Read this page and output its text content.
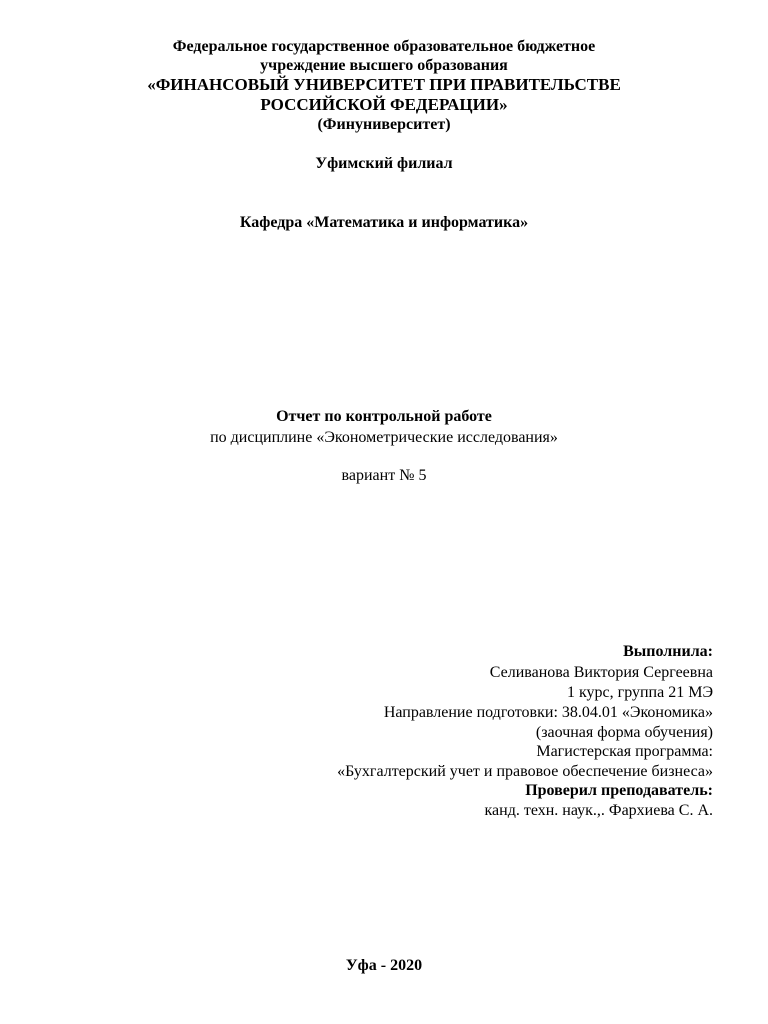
Федеральное государственное образовательное бюджетное
учреждение высшего образования
«ФИНАНСОВЫЙ УНИВЕРСИТЕТ ПРИ ПРАВИТЕЛЬСТВЕ
РОССИЙСКОЙ ФЕДЕРАЦИИ»
(Финуниверситет)
Уфимский филиал
Кафедра «Математика и информатика»
Отчет по контрольной работе
по дисциплине «Эконометрические исследования»
вариант № 5
Выполнила:
Селиванова Виктория Сергеевна
1 курс, группа 21 МЭ
Направление подготовки: 38.04.01 «Экономика»
(заочная форма обучения)
Магистерская программа:
«Бухгалтерский учет и правовое обеспечение бизнеса»
Проверил преподаватель:
канд. техн. наук.,. Фархиева С. А.
Уфа - 2020
